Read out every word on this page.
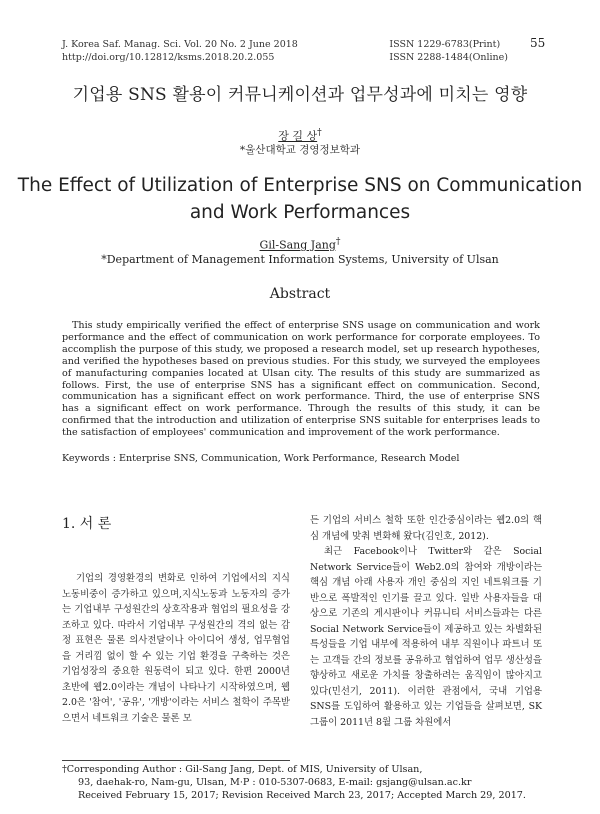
J. Korea Saf. Manag. Sci. Vol. 20 No. 2 June 2018
http://doi.org/10.12812/ksms.2018.20.2.055
ISSN 1229-6783(Print)
ISSN 2288-1484(Online)
55
기업용 SNS 활용이 커뮤니케이션과 업무성과에 미치는 영향
장 길 상†
*울산대학교 경영정보학과
The Effect of Utilization of Enterprise SNS on Communication
and Work Performances
Gil-Sang Jang†
*Department of Management Information Systems, University of Ulsan
Abstract

This study empirically verified the effect of enterprise SNS usage on communication and work performance and the effect of communication on work performance for corporate employees. To accomplish the purpose of this study, we proposed a research model, set up research hypotheses, and verified the hypotheses based on previous studies. For this study, we surveyed the employees of manufacturing companies located at Ulsan city. The results of this study are summarized as follows. First, the use of enterprise SNS has a significant effect on communication. Second, communication has a significant effect on work performance. Third, the use of enterprise SNS has a significant effect on work performance. Through the results of this study, it can be confirmed that the introduction and utilization of enterprise SNS suitable for enterprises leads to the satisfaction of employees' communication and improvement of the work performance.

Keywords : Enterprise SNS, Communication, Work Performance, Research Model

1. 서 론

기업의 경영환경의 변화로 인하여 기업에서의 지식노동비중이 증가하고 있으며,지식노동과 노동자의 증가는 기업내부 구성원간의 상호작용과 협업의 필요성을 강조하고 있다. 따라서 기업내부 구성원간의 격의 없는 감정 표현은 물론 의사전달이나 아이디어 생성, 업무협업을 거리낌 없이 할 수 있는 기업 환경을 구축하는 것은 기업성장의 중요한 원동력이 되고 있다. 한편 2000년 초반에 웹2.0이라는 개념이 나타나기 시작하였으며, 웹2.0은 '참여', '공유', '개방'이라는 서비스 철학이 주목받으면서 네트워크 기술은 물론 모

든 기업의 서비스 철학 또한 인간중심이라는 웹2.0의 핵심 개념에 맞춰 변화해 왔다(김인호, 2012).

최근 Facebook이나 Twitter와 같은 Social Network Service들이 Web2.0의 참여와 개방이라는 핵심 개념 아래 사용자 개인 중심의 지인 네트워크를 기반으로 폭발적인 인기를 끌고 있다. 일반 사용자들을 대상으로 기존의 게시판이나 커뮤니티 서비스들과는 다른 Social Network Service들이 제공하고 있는 차별화된 특성들을 기업 내부에 적용하여 내부 직원이나 파트너 또는 고객들 간의 정보를 공유하고 협업하여 업무 생산성을 향상하고 새로운 가치를 창출하려는 움직임이 많아지고 있다(민선기, 2011). 이러한 관점에서, 국내 기업용 SNS를 도입하여 활용하고 있는 기업들을 살펴보면, SK그룹이 2011년 8월 그룹 차원에서

†Corresponding Author : Gil-Sang Jang, Dept. of MIS, University of Ulsan,
93, daehak-ro, Nam-gu, Ulsan, M·P : 010-5307-0683, E-mail: gsjang@ulsan.ac.kr
Received February 15, 2017; Revision Received March 23, 2017; Accepted March 29, 2017.
